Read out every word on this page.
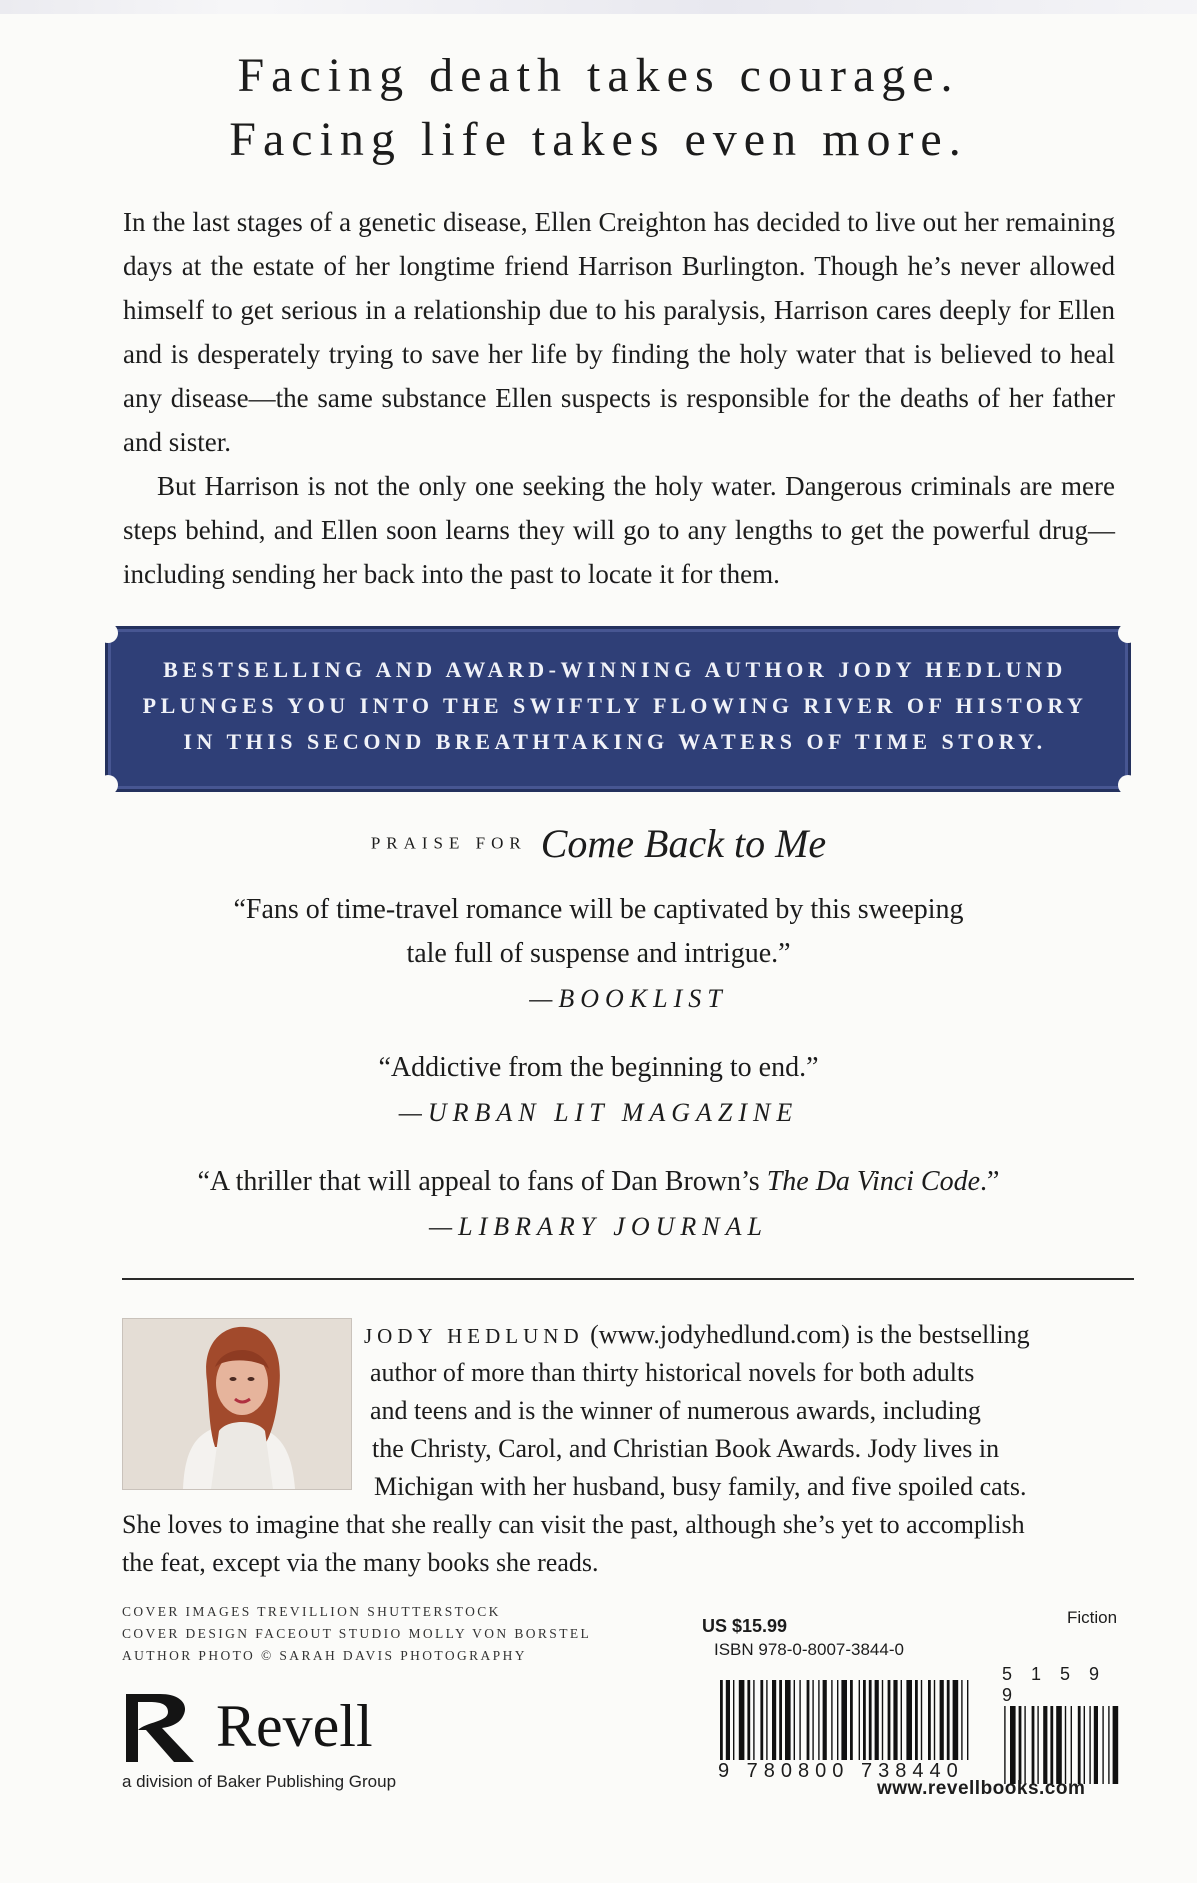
Facing death takes courage.
Facing life takes even more.
In the last stages of a genetic disease, Ellen Creighton has decided to live out her remaining days at the estate of her longtime friend Harrison Burlington. Though he’s never allowed himself to get serious in a relationship due to his paralysis, Harrison cares deeply for Ellen and is desperately trying to save her life by finding the holy water that is believed to heal any disease—the same substance Ellen suspects is responsible for the deaths of her father and sister.
But Harrison is not the only one seeking the holy water. Dangerous criminals are mere steps behind, and Ellen soon learns they will go to any lengths to get the powerful drug—including sending her back into the past to locate it for them.
BESTSELLING AND AWARD-WINNING AUTHOR JODY HEDLUND
PLUNGES YOU INTO THE SWIFTLY FLOWING RIVER OF HISTORY
IN THIS SECOND BREATHTAKING WATERS OF TIME STORY.
PRAISE FOR Come Back to Me
“Fans of time-travel romance will be captivated by this sweeping
tale full of suspense and intrigue.”
—BOOKLIST
“Addictive from the beginning to end.”
—URBAN LIT MAGAZINE
“A thriller that will appeal to fans of Dan Brown’s The Da Vinci Code.”
—LIBRARY JOURNAL
JODY HEDLUND (www.jodyhedlund.com) is the bestselling
author of more than thirty historical novels for both adults
and teens and is the winner of numerous awards, including
the Christy, Carol, and Christian Book Awards. Jody lives in
Michigan with her husband, busy family, and five spoiled cats.
She loves to imagine that she really can visit the past, although she’s yet to accomplish
the feat, except via the many books she reads.
COVER IMAGES TREVILLION SHUTTERSTOCK
COVER DESIGN FACEOUT STUDIO MOLLY VON BORSTEL
AUTHOR PHOTO © SARAH DAVIS PHOTOGRAPHY
Revell
a division of Baker Publishing Group
US $15.99	Fiction
ISBN 978-0-8007-3844-0
9 780800 738440
5 1 5 9 9
www.revellbooks.com
